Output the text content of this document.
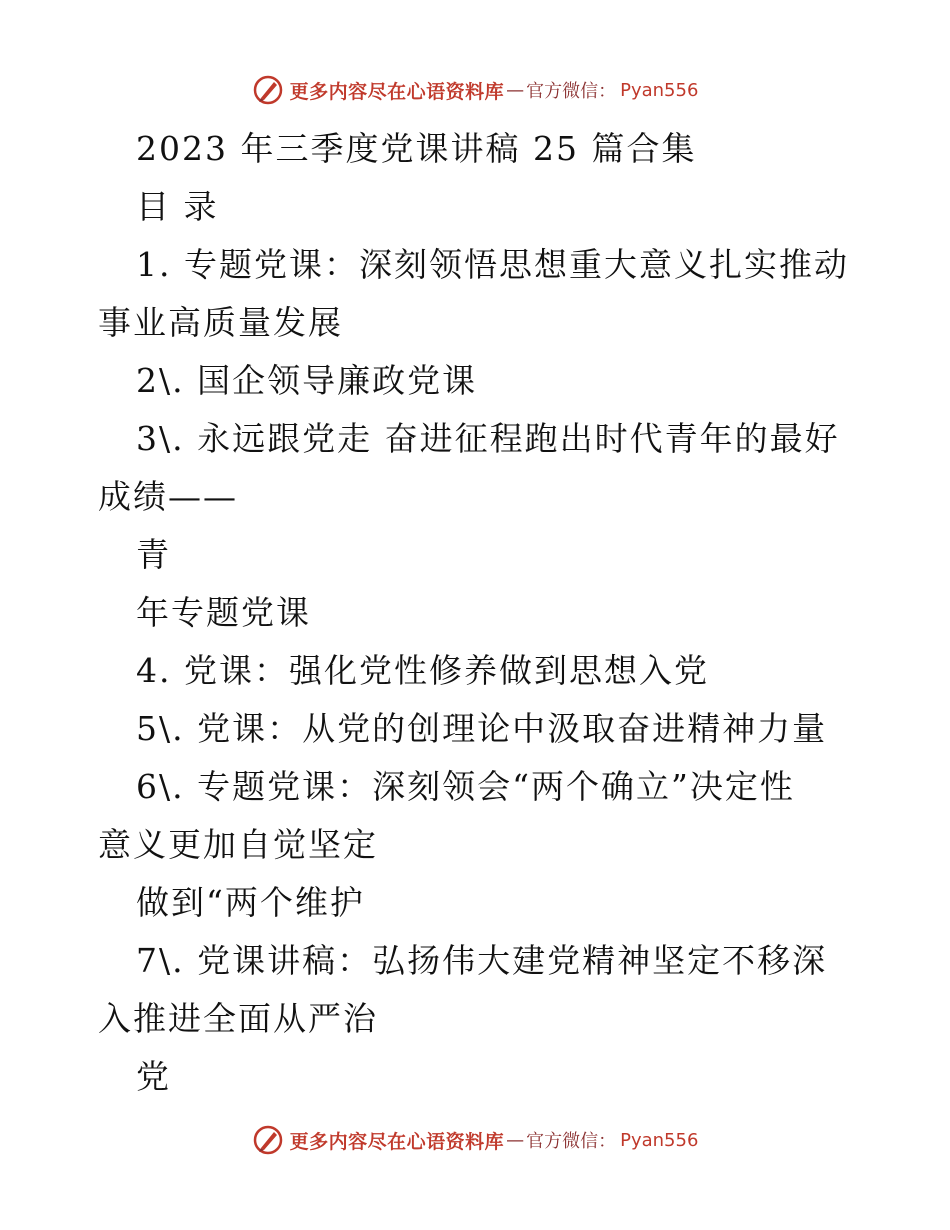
更多内容尽在心语资料库 — 官方微信： Pyan556
2023 年三季度党课讲稿 25 篇合集
目 录
1. 专题党课：深刻领悟思想重大意义扎实推动
事业高质量发展
2\. 国企领导廉政党课
3\. 永远跟党走 奋进征程跑出时代青年的最好
成绩——
青
年专题党课
4. 党课：强化党性修养做到思想入党
5\. 党课：从党的创理论中汲取奋进精神力量
6\. 专题党课：深刻领会“两个确立”决定性
意义更加自觉坚定
做到“两个维护
7\. 党课讲稿：弘扬伟大建党精神坚定不移深
入推进全面从严治
党
更多内容尽在心语资料库 — 官方微信： Pyan556
